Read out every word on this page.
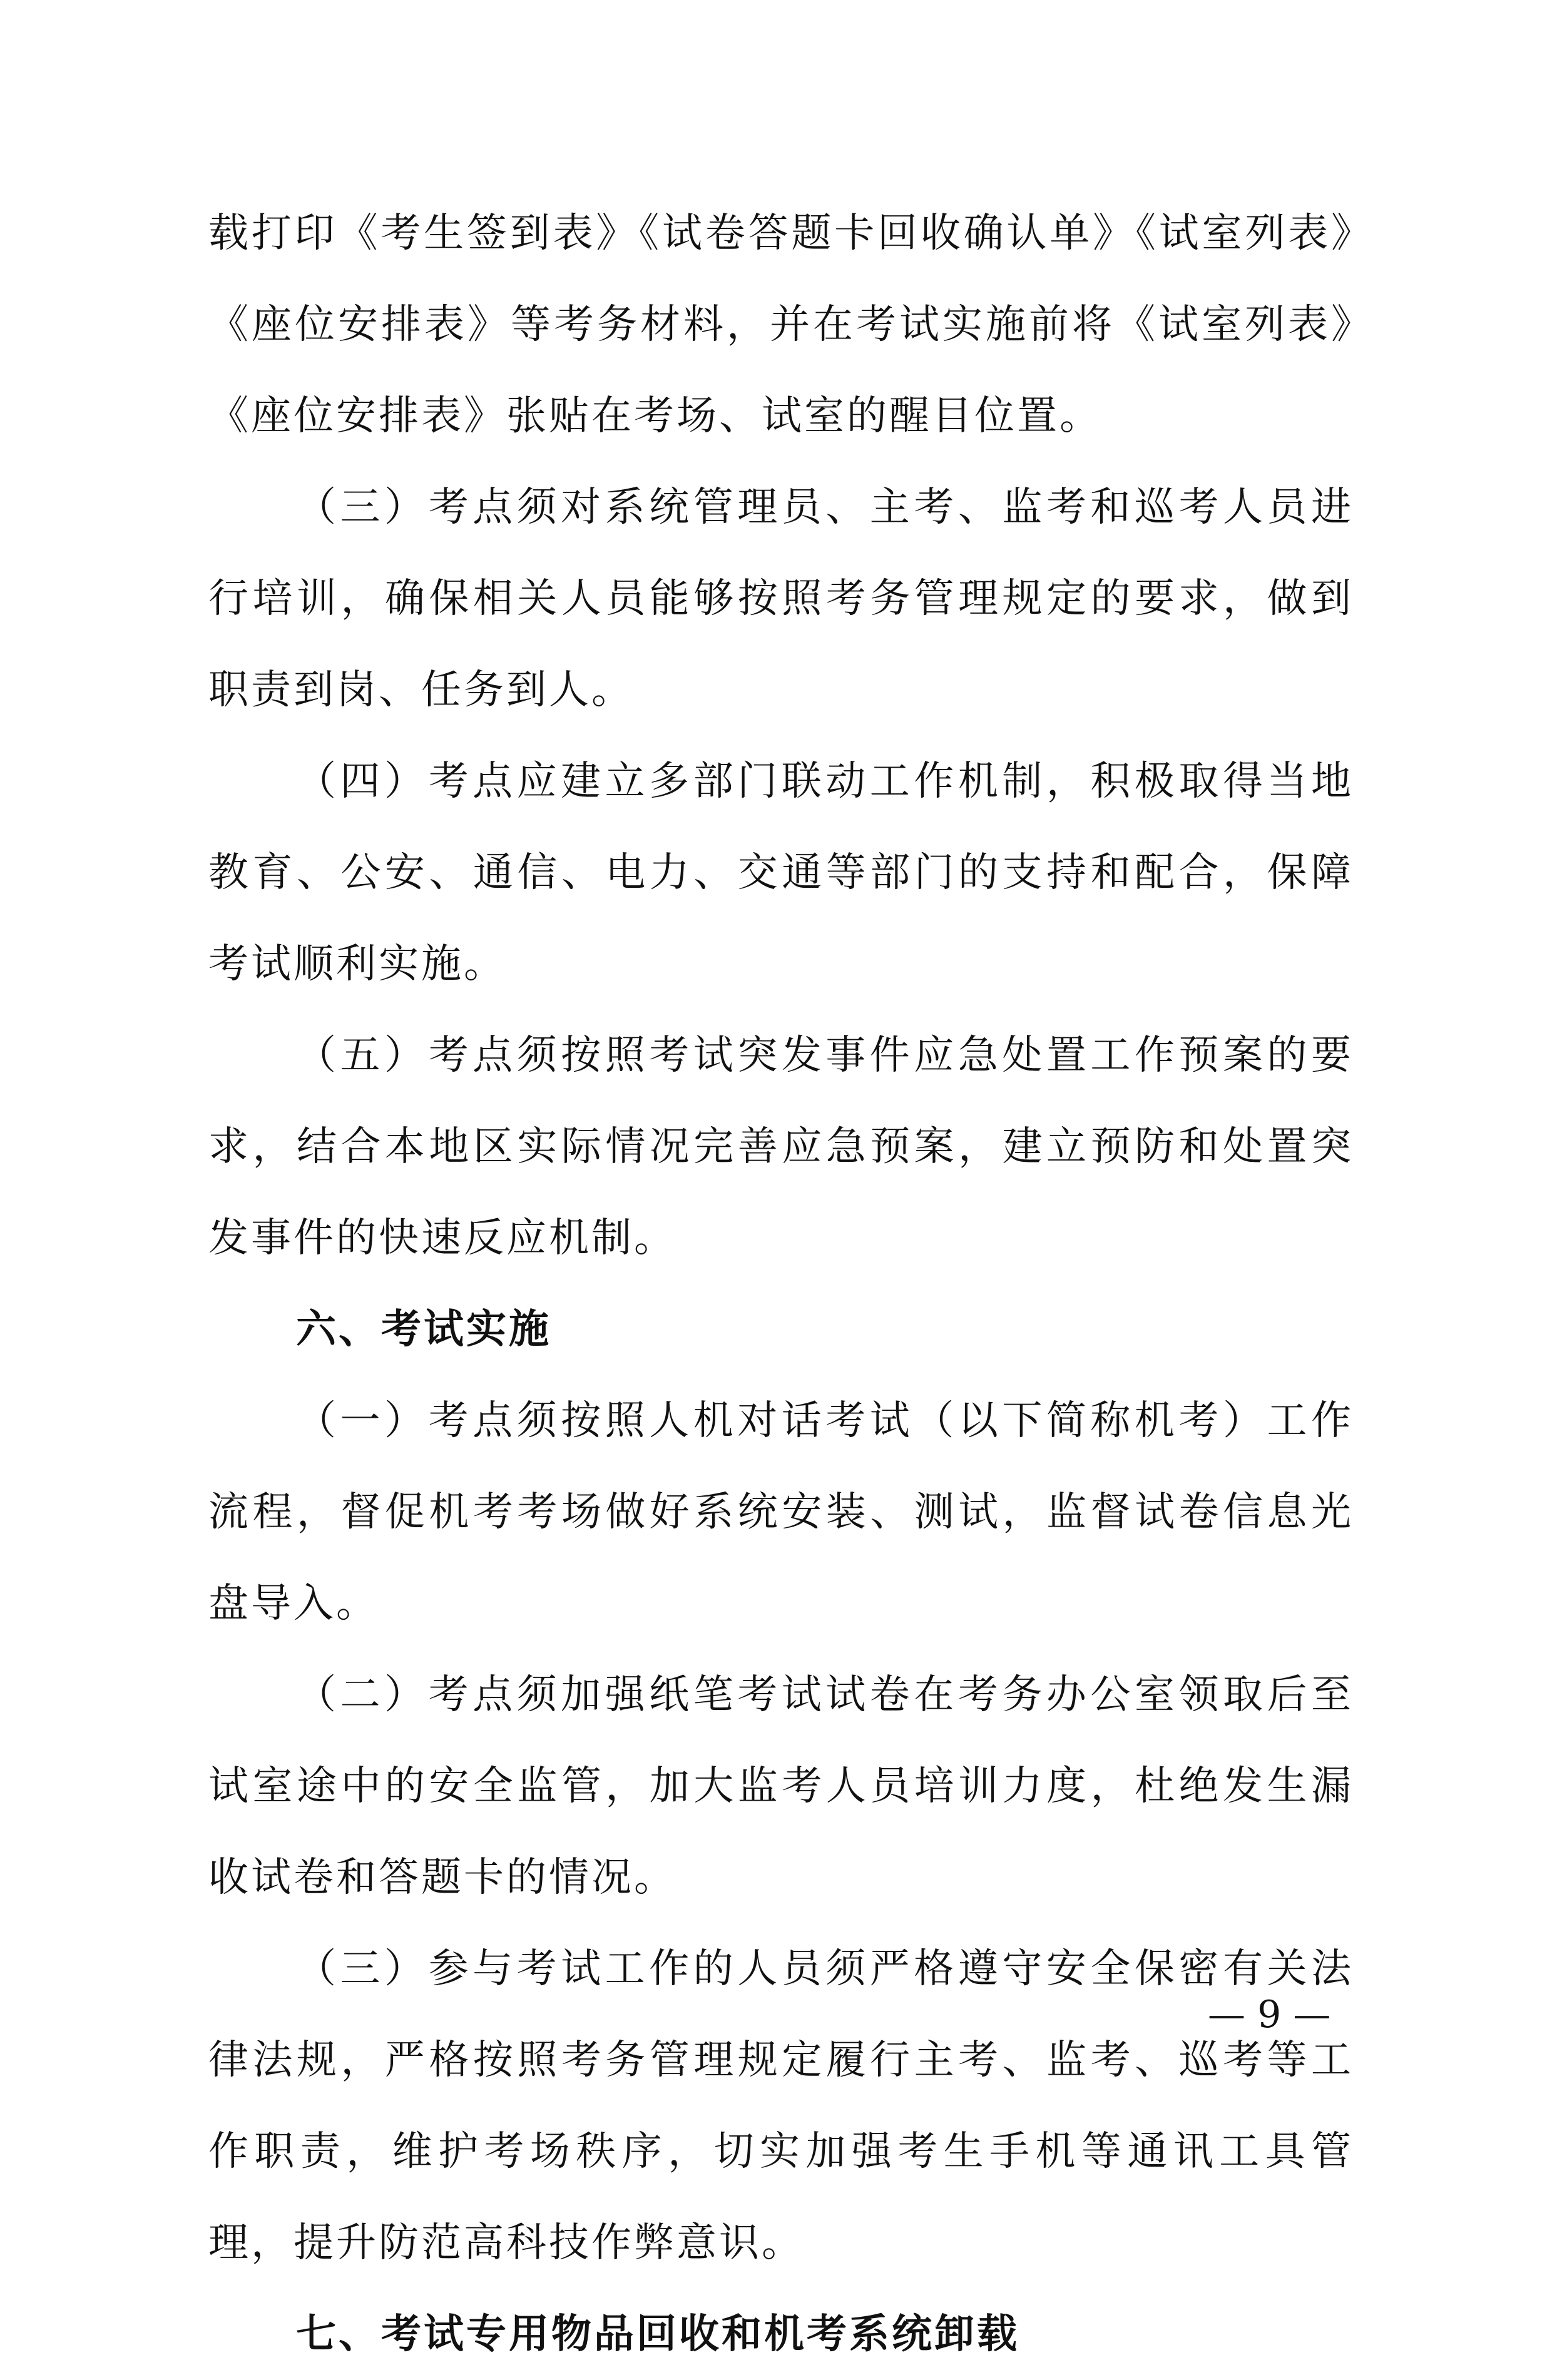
载打印《考生签到表》《试卷答题卡回收确认单》《试室列表》《座位安排表》等考务材料，并在考试实施前将《试室列表》《座位安排表》张贴在考场、试室的醒目位置。

（三）考点须对系统管理员、主考、监考和巡考人员进行培训，确保相关人员能够按照考务管理规定的要求，做到职责到岗、任务到人。

（四）考点应建立多部门联动工作机制，积极取得当地教育、公安、通信、电力、交通等部门的支持和配合，保障考试顺利实施。

（五）考点须按照考试突发事件应急处置工作预案的要求，结合本地区实际情况完善应急预案，建立预防和处置突发事件的快速反应机制。

六、考试实施

（一）考点须按照人机对话考试（以下简称机考）工作流程，督促机考考场做好系统安装、测试，监督试卷信息光盘导入。

（二）考点须加强纸笔考试试卷在考务办公室领取后至试室途中的安全监管，加大监考人员培训力度，杜绝发生漏收试卷和答题卡的情况。

（三）参与考试工作的人员须严格遵守安全保密有关法律法规，严格按照考务管理规定履行主考、监考、巡考等工作职责，维护考场秩序，切实加强考生手机等通讯工具管理，提升防范高科技作弊意识。

七、考试专用物品回收和机考系统卸载
— 9 —
